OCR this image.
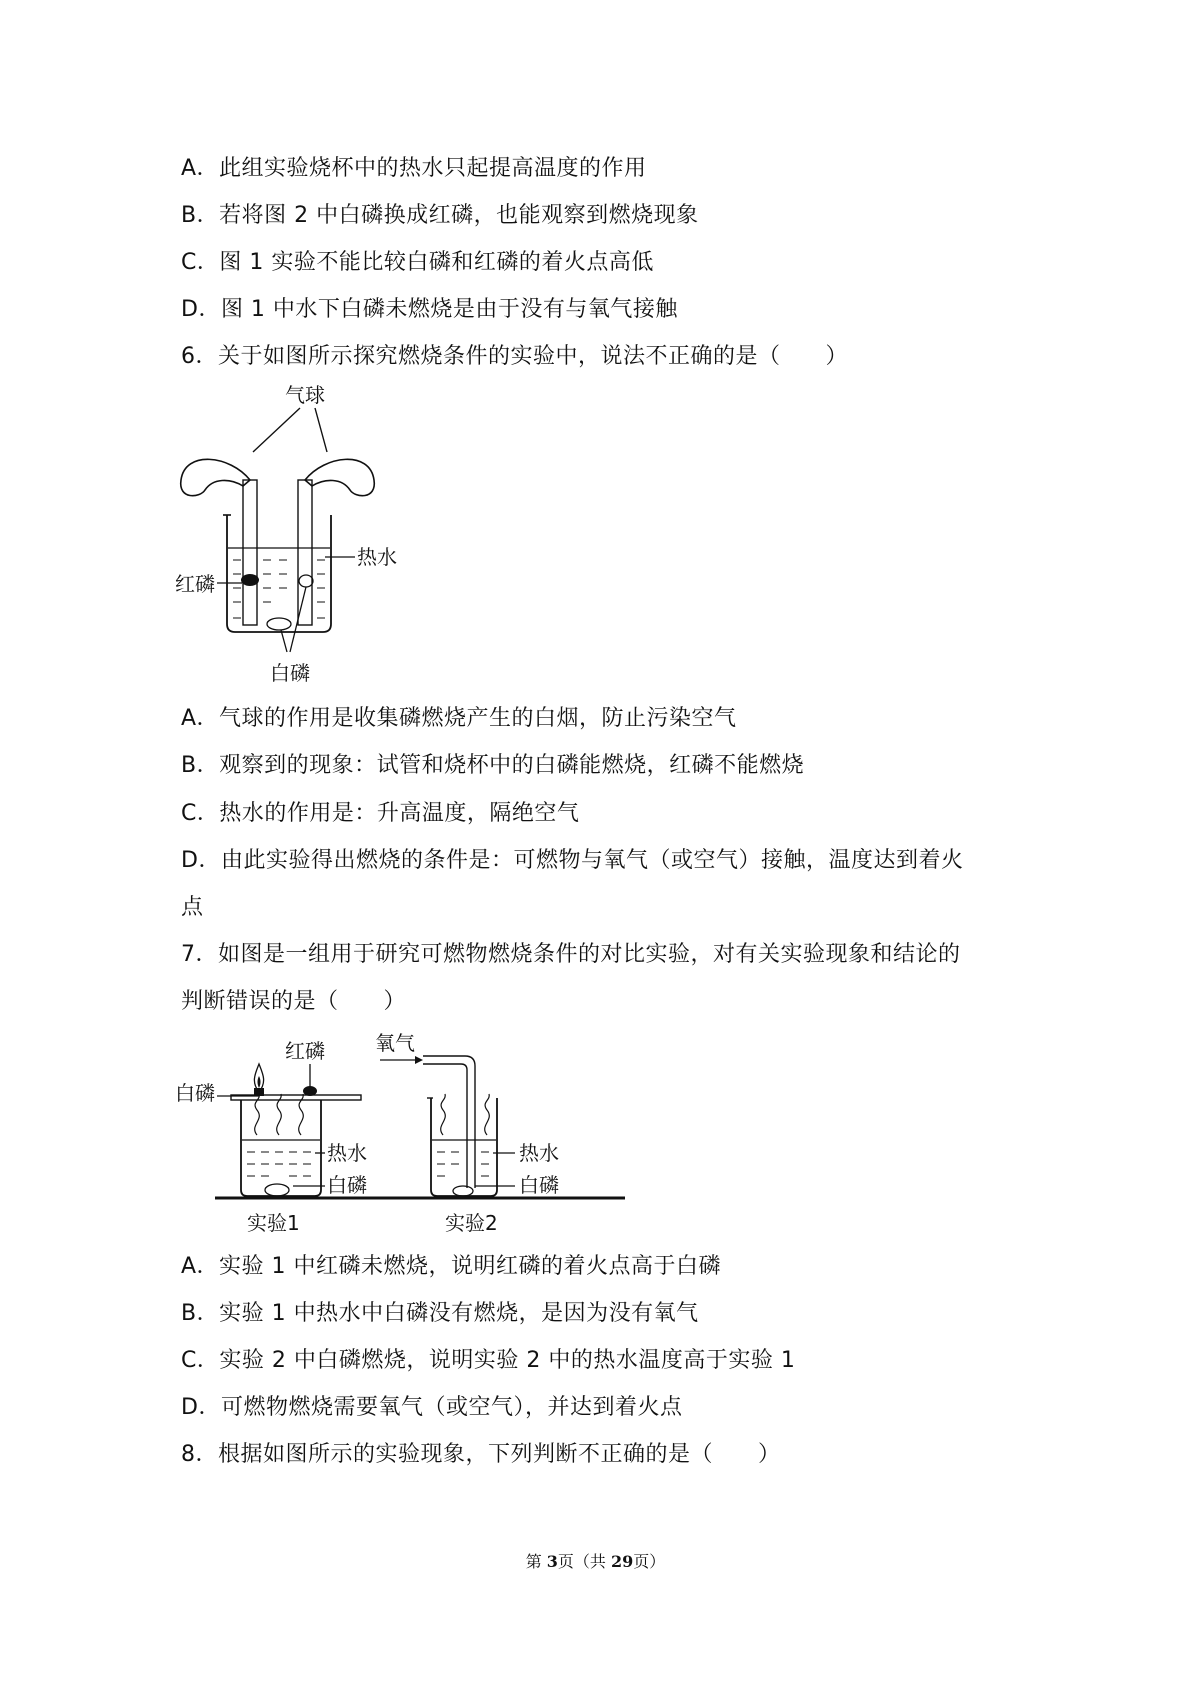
A．此组实验烧杯中的热水只起提高温度的作用
B．若将图 2 中白磷换成红磷，也能观察到燃烧现象
C．图 1 实验不能比较白磷和红磷的着火点高低
D．图 1 中水下白磷未燃烧是由于没有与氧气接触
6．关于如图所示探究燃烧条件的实验中，说法不正确的是（　　）
气球
热水
红磷
白磷
A．气球的作用是收集磷燃烧产生的白烟，防止污染空气
B．观察到的现象：试管和烧杯中的白磷能燃烧，红磷不能燃烧
C．热水的作用是：升高温度，隔绝空气
D．由此实验得出燃烧的条件是：可燃物与氧气（或空气）接触，温度达到着火
点
7．如图是一组用于研究可燃物燃烧条件的对比实验，对有关实验现象和结论的
判断错误的是（　　）
红磷
白磷
热水
白磷
氧气
热水
白磷
实验1	实验2
A．实验 1 中红磷未燃烧，说明红磷的着火点高于白磷
B．实验 1 中热水中白磷没有燃烧，是因为没有氧气
C．实验 2 中白磷燃烧，说明实验 2 中的热水温度高于实验 1
D．可燃物燃烧需要氧气（或空气），并达到着火点
8．根据如图所示的实验现象，下列判断不正确的是（　　）
第 3页（共 29页）
